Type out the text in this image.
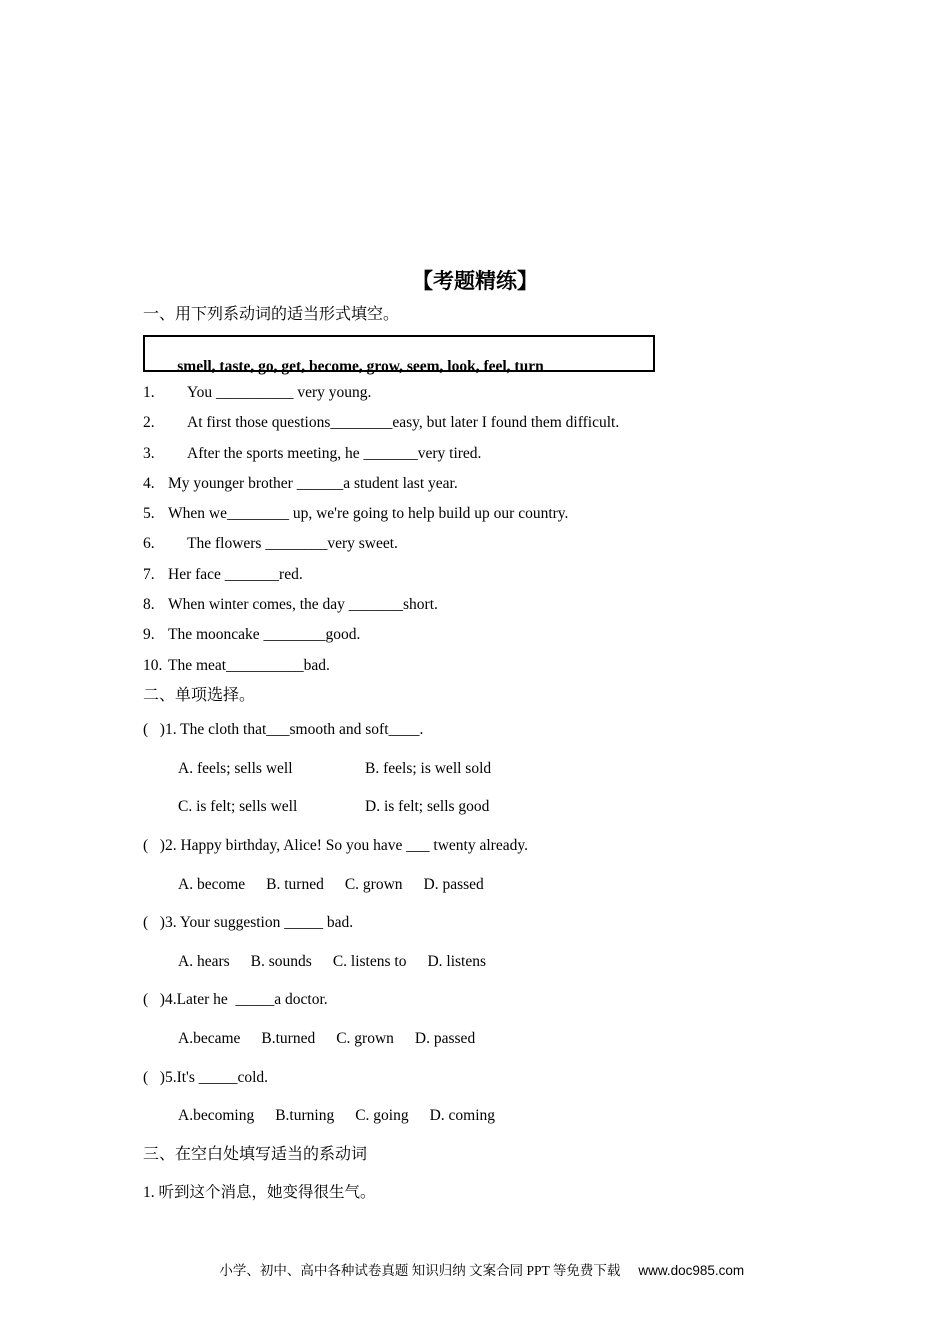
【考题精练】
一、用下列系动词的适当形式填空。

smell, taste, go, get, become, grow, seem, look, feel, turn

1. You __________ very young.
2. At first those questions________easy, but later I found them difficult.
3. After the sports meeting, he _______very tired.
4. My younger brother ______a student last year.
5. When we________ up, we're going to help build up our country.
6. The flowers ________very sweet.
7. Her face _______red.
8. When winter comes, the day _______short.
9. The mooncake ________good.
10. The meat__________bad.
二、单项选择。
(   )1. The cloth that___smooth and soft____.
A. feels; sells well	B. feels; is well sold
C. is felt; sells well	D. is felt; sells good
(   )2. Happy birthday, Alice! So you have ___ twenty already.
A. become B. turned C. grown D. passed
(   )3. Your suggestion _____ bad.
A. hears B. sounds C. listens to D. listens
(   )4.Later he  _____a doctor.
A.became B.turned C. grown D. passed
(   )5.It's _____cold.
A.becoming B.turning C. going D. coming
三、在空白处填写适当的系动词
1. 听到这个消息，她变得很生气。

小学、初中、高中各种试卷真题 知识归纳 文案合同 PPT 等免费下载 www.doc985.com
